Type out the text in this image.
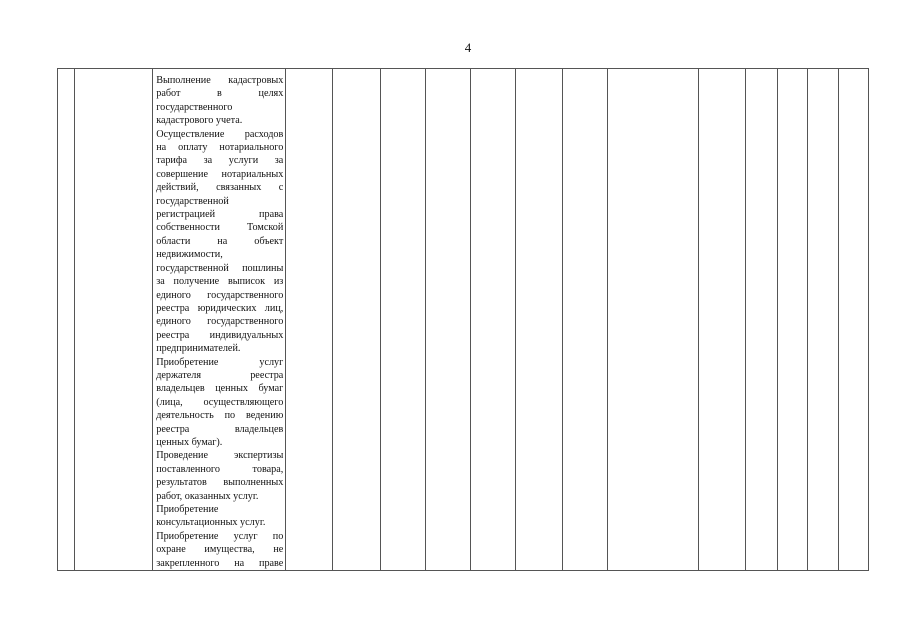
4

Выполнение кадастровых
работ в целях
государственного
кадастрового учета.
Осуществление расходов
на оплату нотариального
тарифа за услуги за
совершение нотариальных
действий, связанных с
государственной
регистрацией права
собственности Томской
области на объект
недвижимости,
государственной пошлины
за получение выписок из
единого государственного
реестра юридических лиц,
единого государственного
реестра индивидуальных
предпринимателей.
Приобретение услуг
держателя реестра
владельцев ценных бумаг
(лица, осуществляющего
деятельность по ведению
реестра владельцев
ценных бумаг).
Проведение экспертизы
поставленного товара,
результатов выполненных
работ, оказанных услуг.
Приобретение
консультационных услуг.
Приобретение услуг по
охране имущества, не
закрепленного на праве
